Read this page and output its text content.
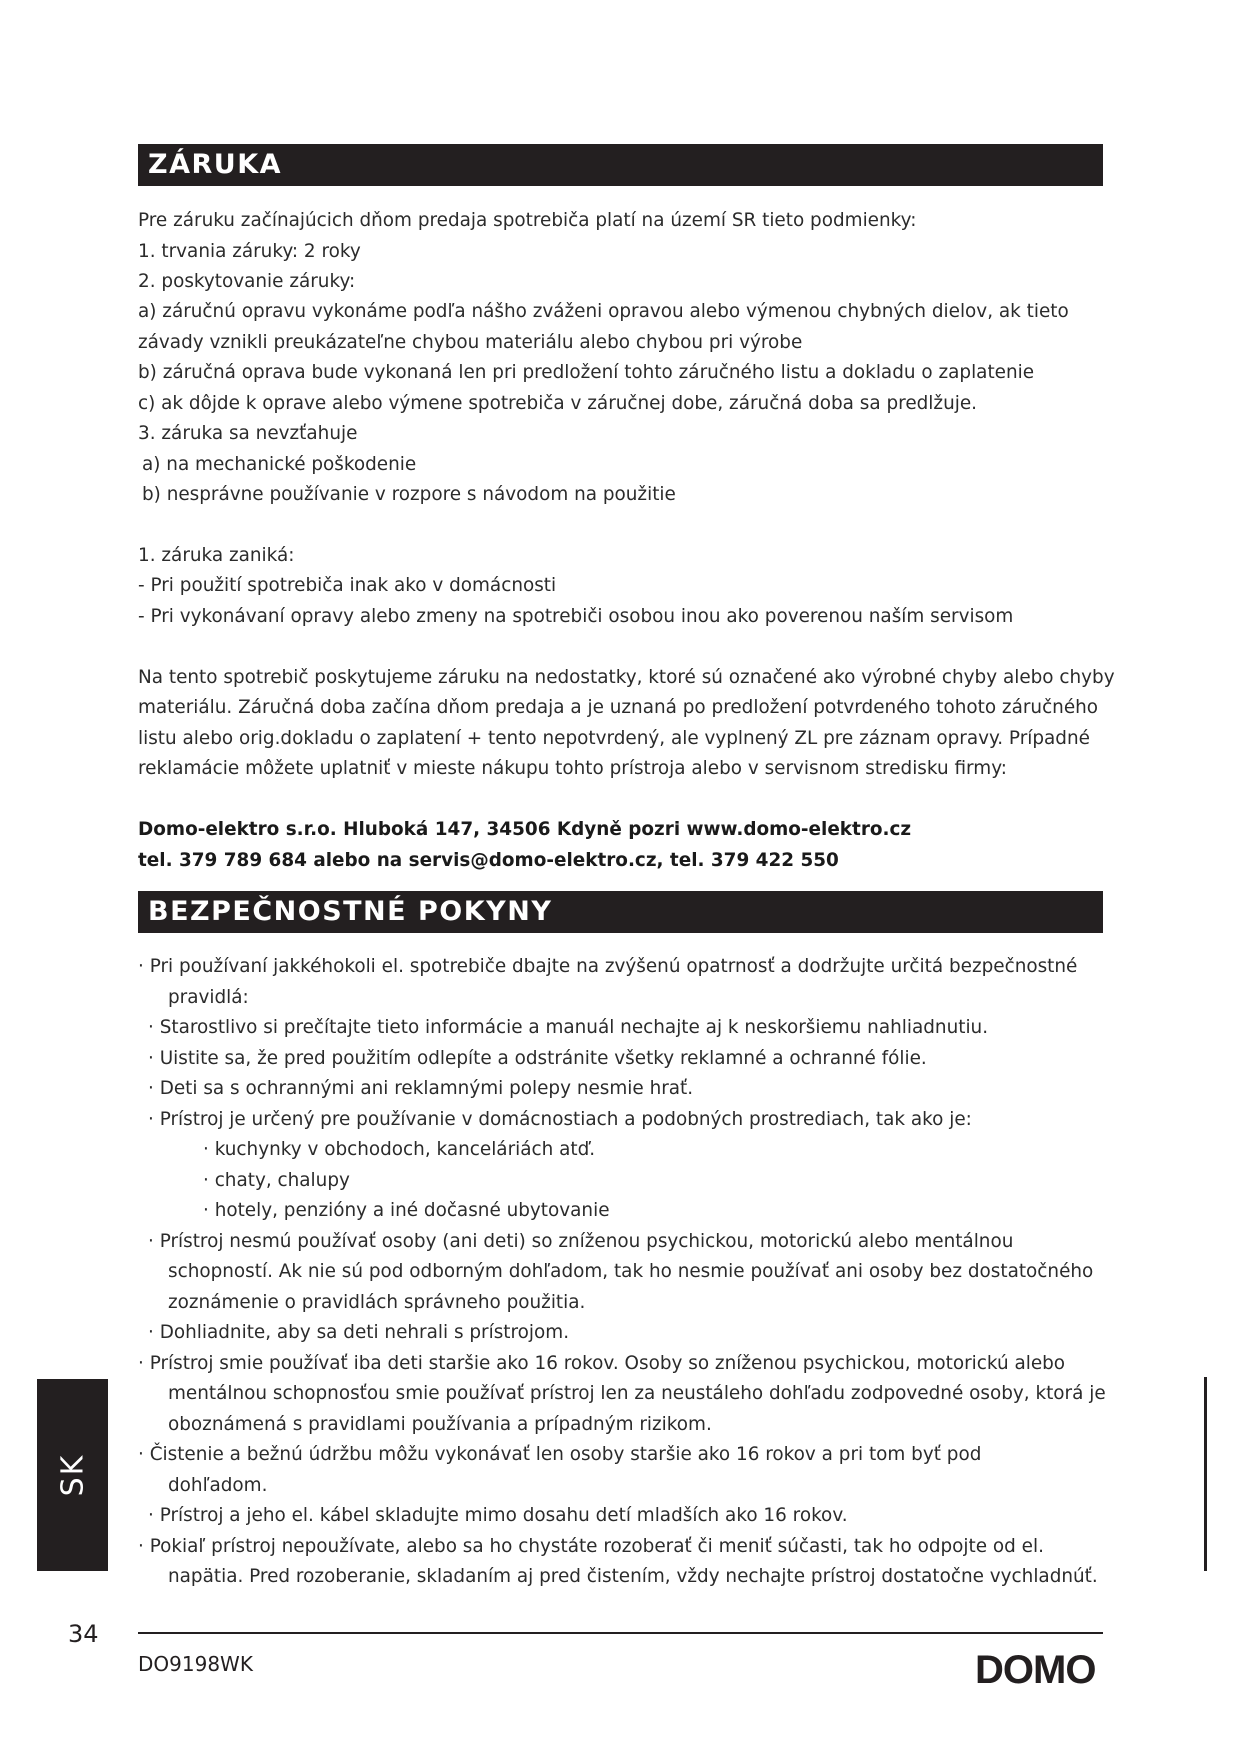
ZÁRUKA
Pre záruku začínajúcich dňom predaja spotrebiča platí na území SR tieto podmienky:
1. trvania záruky: 2 roky
2. poskytovanie záruky:
a) záručnú opravu vykonáme podľa nášho zváženi opravou alebo výmenou chybných dielov, ak tieto
závady vznikli preukázateľne chybou materiálu alebo chybou pri výrobe
b) záručná oprava bude vykonaná len pri predložení tohto záručného listu a dokladu o zaplatenie
c) ak dôjde k oprave alebo výmene spotrebiča v záručnej dobe, záručná doba sa predlžuje.
3. záruka sa nevzťahuje
a) na mechanické poškodenie
b) nesprávne používanie v rozpore s návodom na použitie
1. záruka zaniká:
- Pri použití spotrebiča inak ako v domácnosti
- Pri vykonávaní opravy alebo zmeny na spotrebiči osobou inou ako poverenou naším servisom
Na tento spotrebič poskytujeme záruku na nedostatky, ktoré sú označené ako výrobné chyby alebo chyby
materiálu. Záručná doba začína dňom predaja a je uznaná po predložení potvrdeného tohoto záručného
listu alebo orig.dokladu o zaplatení + tento nepotvrdený, ale vyplnený ZL pre záznam opravy. Prípadné
reklamácie môžete uplatniť v mieste nákupu tohto prístroja alebo v servisnom stredisku firmy:
Domo-elektro s.r.o. Hluboká 147, 34506 Kdyně pozri www.domo-elektro.cz
tel. 379 789 684 alebo na servis@domo-elektro.cz, tel. 379 422 550
BEZPEČNOSTNÉ POKYNY
· Pri používaní jakkéhokoli el. spotrebiče dbajte na zvýšenú opatrnosť a dodržujte určitá bezpečnostné
pravidlá:
· Starostlivo si prečítajte tieto informácie a manuál nechajte aj k neskoršiemu nahliadnutiu.
· Uistite sa, že pred použitím odlepíte a odstránite všetky reklamné a ochranné fólie.
· Deti sa s ochrannými ani reklamnými polepy nesmie hrať.
· Prístroj je určený pre používanie v domácnostiach a podobných prostrediach, tak ako je:
· kuchynky v obchodoch, kanceláriách atď.
· chaty, chalupy
· hotely, penzióny a iné dočasné ubytovanie
· Prístroj nesmú používať osoby (ani deti) so zníženou psychickou, motorickú alebo mentálnou
schopností. Ak nie sú pod odborným dohľadom, tak ho nesmie používať ani osoby bez dostatočného
zoznámenie o pravidlách správneho použitia.
· Dohliadnite, aby sa deti nehrali s prístrojom.
· Prístroj smie používať iba deti staršie ako 16 rokov. Osoby so zníženou psychickou, motorickú alebo
mentálnou schopnosťou smie používať prístroj len za neustáleho dohľadu zodpovedné osoby, ktorá je
oboznámená s pravidlami používania a prípadným rizikom.
· Čistenie a bežnú údržbu môžu vykonávať len osoby staršie ako 16 rokov a pri tom byť pod
dohľadom.
· Prístroj a jeho el. kábel skladujte mimo dosahu detí mladších ako 16 rokov.
· Pokiaľ prístroj nepoužívate, alebo sa ho chystáte rozoberať či meniť súčasti, tak ho odpojte od el.
napätia. Pred rozoberanie, skladaním aj pred čistením, vždy nechajte prístroj dostatočne vychladnúť.
SK
34
DO9198WK	DOMO
